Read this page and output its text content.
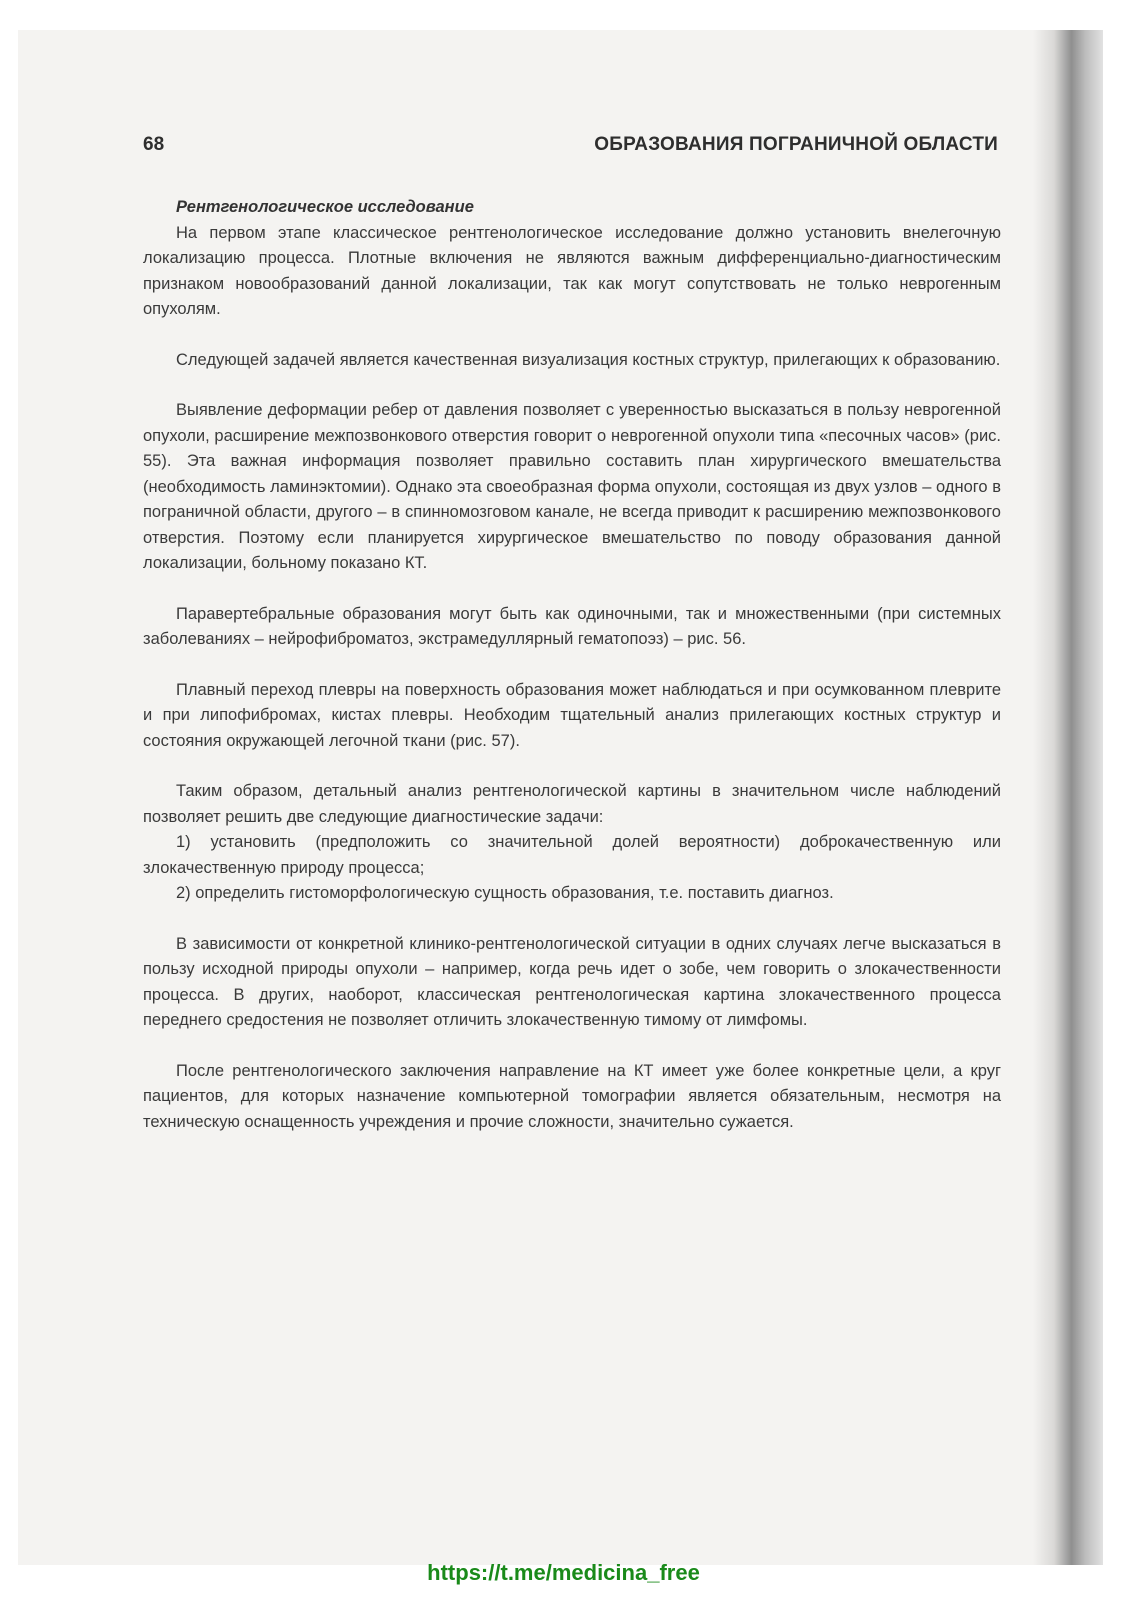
68	ОБРАЗОВАНИЯ ПОГРАНИЧНОЙ ОБЛАСТИ

Рентгенологическое исследование

На первом этапе классическое рентгенологическое исследование должно установить внелегочную локализацию процесса. Плотные включения не являются важным дифференциально-диагностическим признаком новообразований данной локализации, так как могут сопутствовать не только неврогенным опухолям.

Следующей задачей является качественная визуализация костных структур, прилегающих к образованию.

Выявление деформации ребер от давления позволяет с уверенностью высказаться в пользу неврогенной опухоли, расширение межпозвонкового отверстия говорит о неврогенной опухоли типа «песочных часов» (рис. 55). Эта важная информация позволяет правильно составить план хирургического вмешательства (необходимость ламинэктомии). Однако эта своеобразная форма опухоли, состоящая из двух узлов – одного в пограничной области, другого – в спинномозговом канале, не всегда приводит к расширению межпозвонкового отверстия. Поэтому если планируется хирургическое вмешательство по поводу образования данной локализации, больному показано КТ.

Паравертебральные образования могут быть как одиночными, так и множественными (при системных заболеваниях – нейрофиброматоз, экстрамедуллярный гематопоэз) – рис. 56.

Плавный переход плевры на поверхность образования может наблюдаться и при осумкованном плеврите и при липофибромах, кистах плевры. Необходим тщательный анализ прилегающих костных структур и состояния окружающей легочной ткани (рис. 57).

Таким образом, детальный анализ рентгенологической картины в значительном числе наблюдений позволяет решить две следующие диагностические задачи:

1) установить (предположить со значительной долей вероятности) доброкачественную или злокачественную природу процесса;

2) определить гистоморфологическую сущность образования, т.е. поставить диагноз.

В зависимости от конкретной клинико-рентгенологической ситуации в одних случаях легче высказаться в пользу исходной природы опухоли – например, когда речь идет о зобе, чем говорить о злокачественности процесса. В других, наоборот, классическая рентгенологическая картина злокачественного процесса переднего средостения не позволяет отличить злокачественную тимому от лимфомы.

После рентгенологического заключения направление на КТ имеет уже более конкретные цели, а круг пациентов, для которых назначение компьютерной томографии является обязательным, несмотря на техническую оснащенность учреждения и прочие сложности, значительно сужается.

https://t.me/medicina_free
